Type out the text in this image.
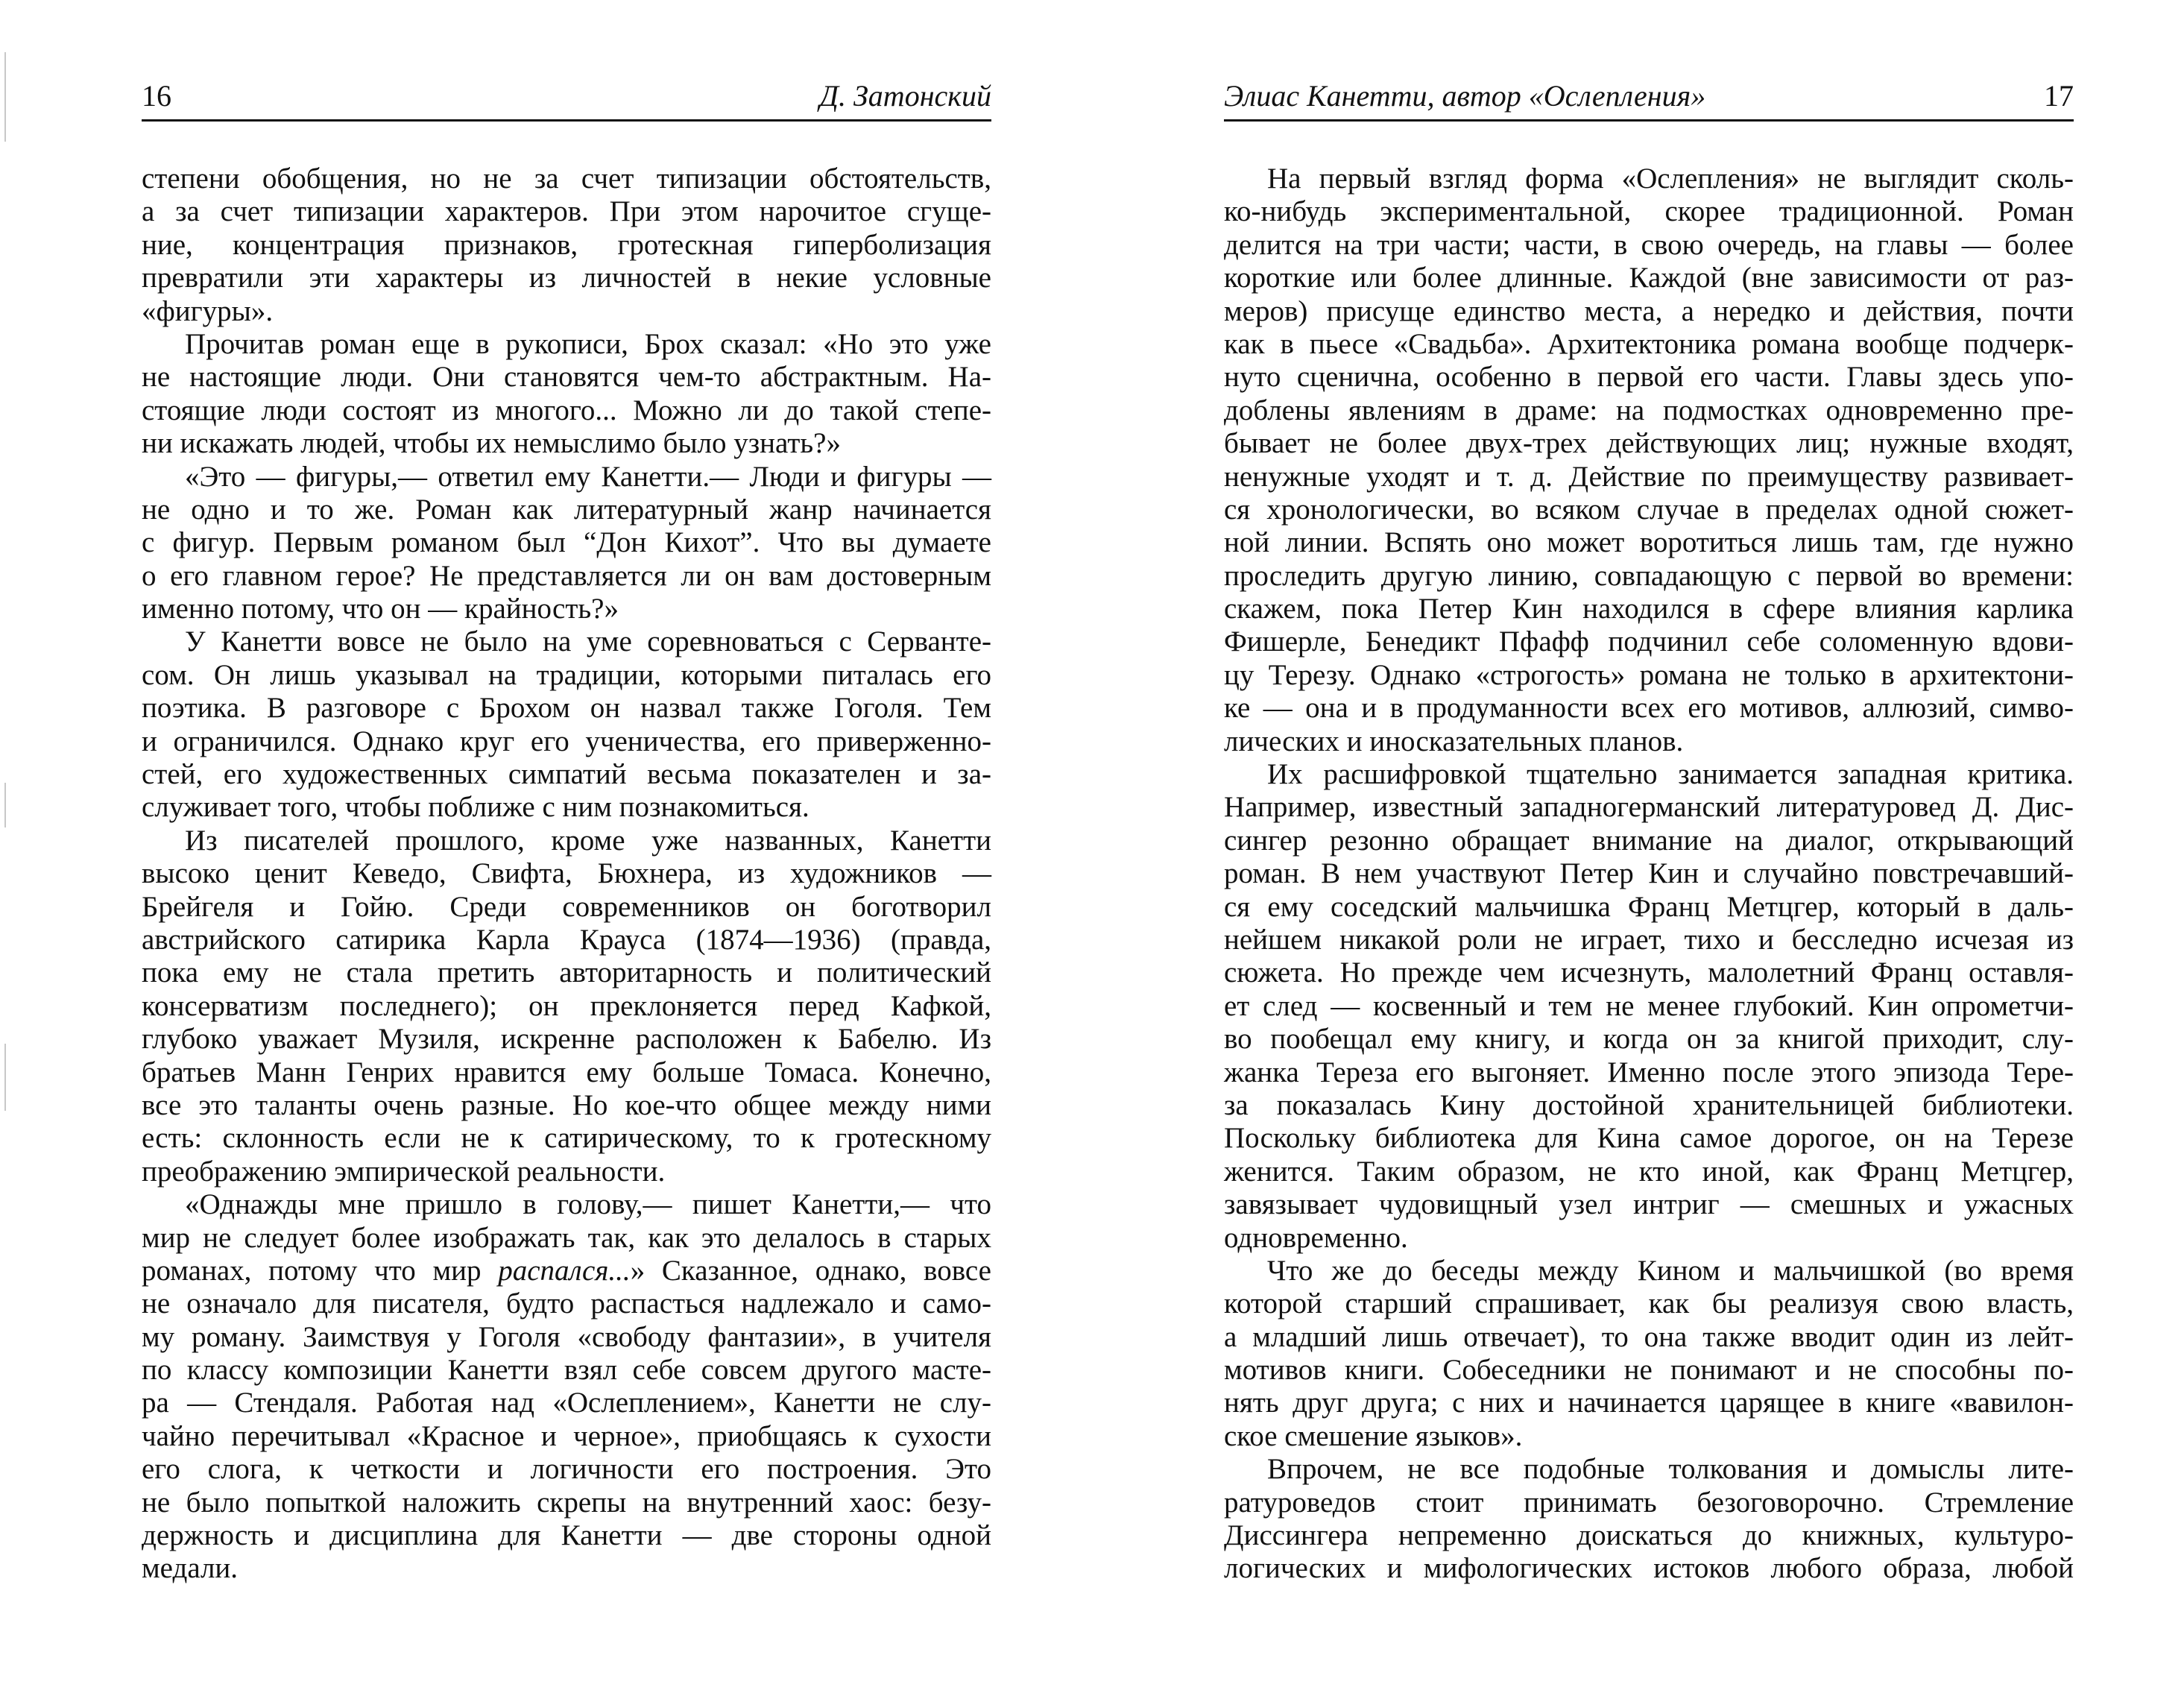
16	Д. Затонский
степени обобщения, но не за счет типизации обстоятельств,
а за счет типизации характеров. При этом нарочитое сгуще-
ние, концентрация признаков, гротескная гиперболизация
превратили эти характеры из личностей в некие условные
«фигуры».
Прочитав роман еще в рукописи, Брох сказал: «Но это уже
не настоящие люди. Они становятся чем-то абстрактным. На-
стоящие люди состоят из многого... Можно ли до такой степе-
ни искажать людей, чтобы их немыслимо было узнать?»
«Это — фигуры,— ответил ему Канетти.— Люди и фигуры —
не одно и то же. Роман как литературный жанр начинается
с фигур. Первым романом был “Дон Кихот”. Что вы думаете
о его главном герое? Не представляется ли он вам достоверным
именно потому, что он — крайность?»
У Канетти вовсе не было на уме соревноваться с Сервантe-
сом. Он лишь указывал на традиции, которыми питалась его
поэтика. В разговоре с Брохом он назвал также Гоголя. Тем
и ограничился. Однако круг его ученичества, его приверженно-
стей, его художественных симпатий весьма показателен и за-
служивает того, чтобы поближе с ним познакомиться.
Из писателей прошлого, кроме уже названных, Канетти
высоко ценит Кеведо, Свифта, Бюхнера, из художников —
Брейгеля и Гойю. Среди современников он боготворил
австрийского сатирика Карла Крауса (1874—1936) (правда,
пока ему не стала претить авторитарность и политический
консерватизм последнего); он преклоняется перед Кафкой,
глубоко уважает Музиля, искренне расположен к Бабелю. Из
братьев Манн Генрих нравится ему больше Томаса. Конечно,
все это таланты очень разные. Но кое-что общее между ними
есть: склонность если не к сатирическому, то к гротескному
преображению эмпирической реальности.
«Однажды мне пришло в голову,— пишет Канетти,— что
мир не следует более изображать так, как это делалось в старых
романах, потому что мир распался...» Сказанное, однако, вовсе
не означало для писателя, будто распасться надлежало и само-
му роману. Заимствуя у Гоголя «свободу фантазии», в учителя
по классу композиции Канетти взял себе совсем другого масте-
ра — Стендаля. Работая над «Ослеплением», Канетти не слу-
чайно перечитывал «Красное и черное», приобщаясь к сухости
его слога, к четкости и логичности его построения. Это
не было попыткой наложить скрепы на внутренний хаос: безу-
держность и дисциплина для Канетти — две стороны одной
медали.
Элиас Канетти, автор «Ослепления»	17
На первый взгляд форма «Ослепления» не выглядит сколь-
ко-нибудь экспериментальной, скорее традиционной. Роман
делится на три части; части, в свою очередь, на главы — более
короткие или более длинные. Каждой (вне зависимости от раз-
меров) присуще единство места, а нередко и действия, почти
как в пьесе «Свадьба». Архитектоника романа вообще подчерк-
нуто сценична, особенно в первой его части. Главы здесь упо-
доблены явлениям в драме: на подмостках одновременно пре-
бывает не более двух-трех действующих лиц; нужные входят,
ненужные уходят и т. д. Действие по преимуществу развивает-
ся хронологически, во всяком случае в пределах одной сюжет-
ной линии. Вспять оно может воротиться лишь там, где нужно
проследить другую линию, совпадающую с первой во времени:
скажем, пока Петер Кин находился в сфере влияния карлика
Фишерле, Бенедикт Пфафф подчинил себе соломенную вдови-
цу Терезу. Однако «строгость» романа не только в архитектони-
ке — она и в продуманности всех его мотивов, аллюзий, симво-
лических и иносказательных планов.
Их расшифровкой тщательно занимается западная критика.
Например, известный западногерманский литературовед Д. Дис-
сингер резонно обращает внимание на диалог, открывающий
роман. В нем участвуют Петер Кин и случайно повстречавший-
ся ему соседский мальчишка Франц Метцгер, который в даль-
нейшем никакой роли не играет, тихо и бесследно исчезая из
сюжета. Но прежде чем исчезнуть, малолетний Франц оставля-
ет след — косвенный и тем не менее глубокий. Кин опрометчи-
во пообещал ему книгу, и когда он за книгой приходит, слу-
жанка Тереза его выгоняет. Именно после этого эпизода Тере-
за показалась Кину достойной хранительницей библиотеки.
Поскольку библиотека для Кина самое дорогое, он на Терезе
женится. Таким образом, не кто иной, как Франц Метцгер,
завязывает чудовищный узел интриг — смешных и ужасных
одновременно.
Что же до беседы между Кином и мальчишкой (во время
которой старший спрашивает, как бы реализуя свою власть,
а младший лишь отвечает), то она также вводит один из лейт-
мотивов книги. Собеседники не понимают и не способны по-
нять друг друга; с них и начинается царящее в книге «вавилон-
ское смешение языков».
Впрочем, не все подобные толкования и домыслы лите-
ратуроведов стоит принимать безоговорочно. Стремление
Диссингера непременно доискаться до книжных, культуро-
логических и мифологических истоков любого образа, любой
